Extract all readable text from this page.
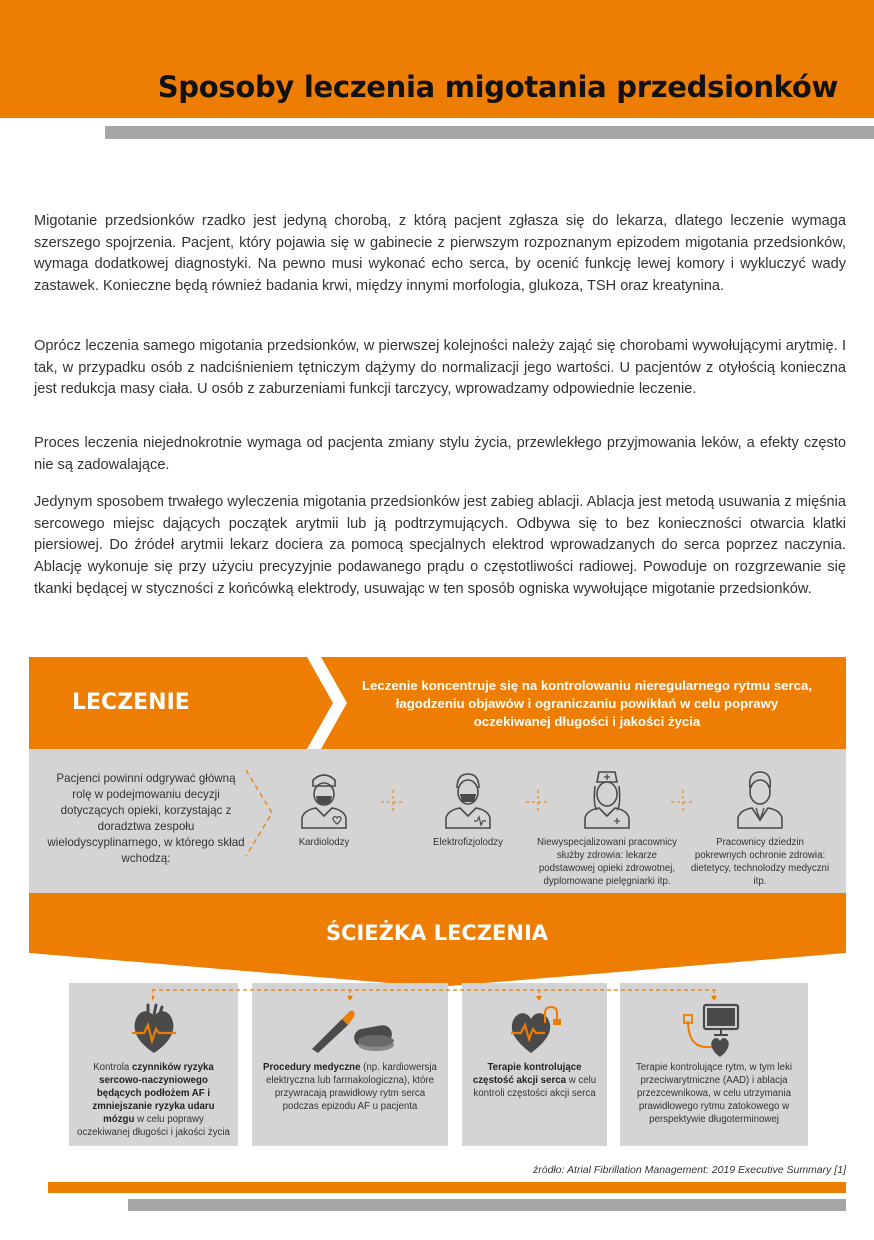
Sposoby leczenia migotania przedsionków

Migotanie przedsionków rzadko jest jedyną chorobą, z którą pacjent zgłasza się do lekarza, dlatego leczenie wymaga szerszego spojrzenia. Pacjent, który pojawia się w gabinecie z pierwszym rozpoznanym epizodem migotania przedsionków, wymaga dodatkowej diagnostyki. Na pewno musi wykonać echo serca, by ocenić funkcję lewej komory i wykluczyć wady zastawek. Konieczne będą również badania krwi, między innymi morfologia, glukoza, TSH oraz kreatynina.

Oprócz leczenia samego migotania przedsionków, w pierwszej kolejności należy zająć się chorobami wywołującymi arytmię. I tak, w przypadku osób z nadciśnieniem tętniczym dążymy do normalizacji jego wartości. U pacjentów z otyłością konieczna jest redukcja masy ciała. U osób z zaburzeniami funkcji tarczycy, wprowadzamy odpowiednie leczenie.

Proces leczenia niejednokrotnie wymaga od pacjenta zmiany stylu życia, przewlekłego przyjmowania leków, a efekty często nie są zadowalające.

Jedynym sposobem trwałego wyleczenia migotania przedsionków jest zabieg ablacji. Ablacja jest metodą usuwania z mięśnia sercowego miejsc dających początek arytmii lub ją podtrzymujących. Odbywa się to bez konieczności otwarcia klatki piersiowej. Do źródeł arytmii lekarz dociera za pomocą specjalnych elektrod wprowadzanych do serca poprzez naczynia. Ablację wykonuje się przy użyciu precyzyjnie podawanego prądu o częstotliwości radiowej. Powoduje on rozgrzewanie się tkanki będącej w styczności z końcówką elektrody, usuwając w ten sposób ogniska wywołujące migotanie przedsionków.

LECZENIE
Leczenie koncentruje się na kontrolowaniu nieregularnego rytmu serca, łagodzeniu objawów i ograniczaniu powikłań w celu poprawy oczekiwanej długości i jakości życia
Pacjenci powinni odgrywać główną rolę w podejmowaniu decyzji dotyczących opieki, korzystając z doradztwa zespołu wielodyscyplinarnego, w którego skład wchodzą:
Kardiolodzy	Elektrofizjolodzy	Niewyspecjalizowani pracownicy służby zdrowia: lekarze podstawowej opieki zdrowotnej, dyplomowane pielęgniarki itp.
Pracownicy dziedzin pokrewnych ochronie zdrowia: dietetycy, technolodzy medyczni itp.
ŚCIEŻKA LECZENIA
Kontrola czynników ryzyka sercowo-naczyniowego będących podłożem AF i zmniejszanie ryzyka udaru mózgu w celu poprawy oczekiwanej długości i jakości życia
Procedury medyczne (np. kardiowersja elektryczna lub farmakologiczna), które przywracają prawidłowy rytm serca podczas epizodu AF u pacjenta
Terapie kontrolujące częstość akcji serca w celu kontroli częstości akcji serca
Terapie kontrolujące rytm, w tym leki przeciwarytmiczne (AAD) i ablacja przezcewnikowa, w celu utrzymania prawidłowego rytmu zatokowego w perspektywie długoterminowej
źródło: Atrial Fibrillation Management: 2019 Executive Summary [1]
